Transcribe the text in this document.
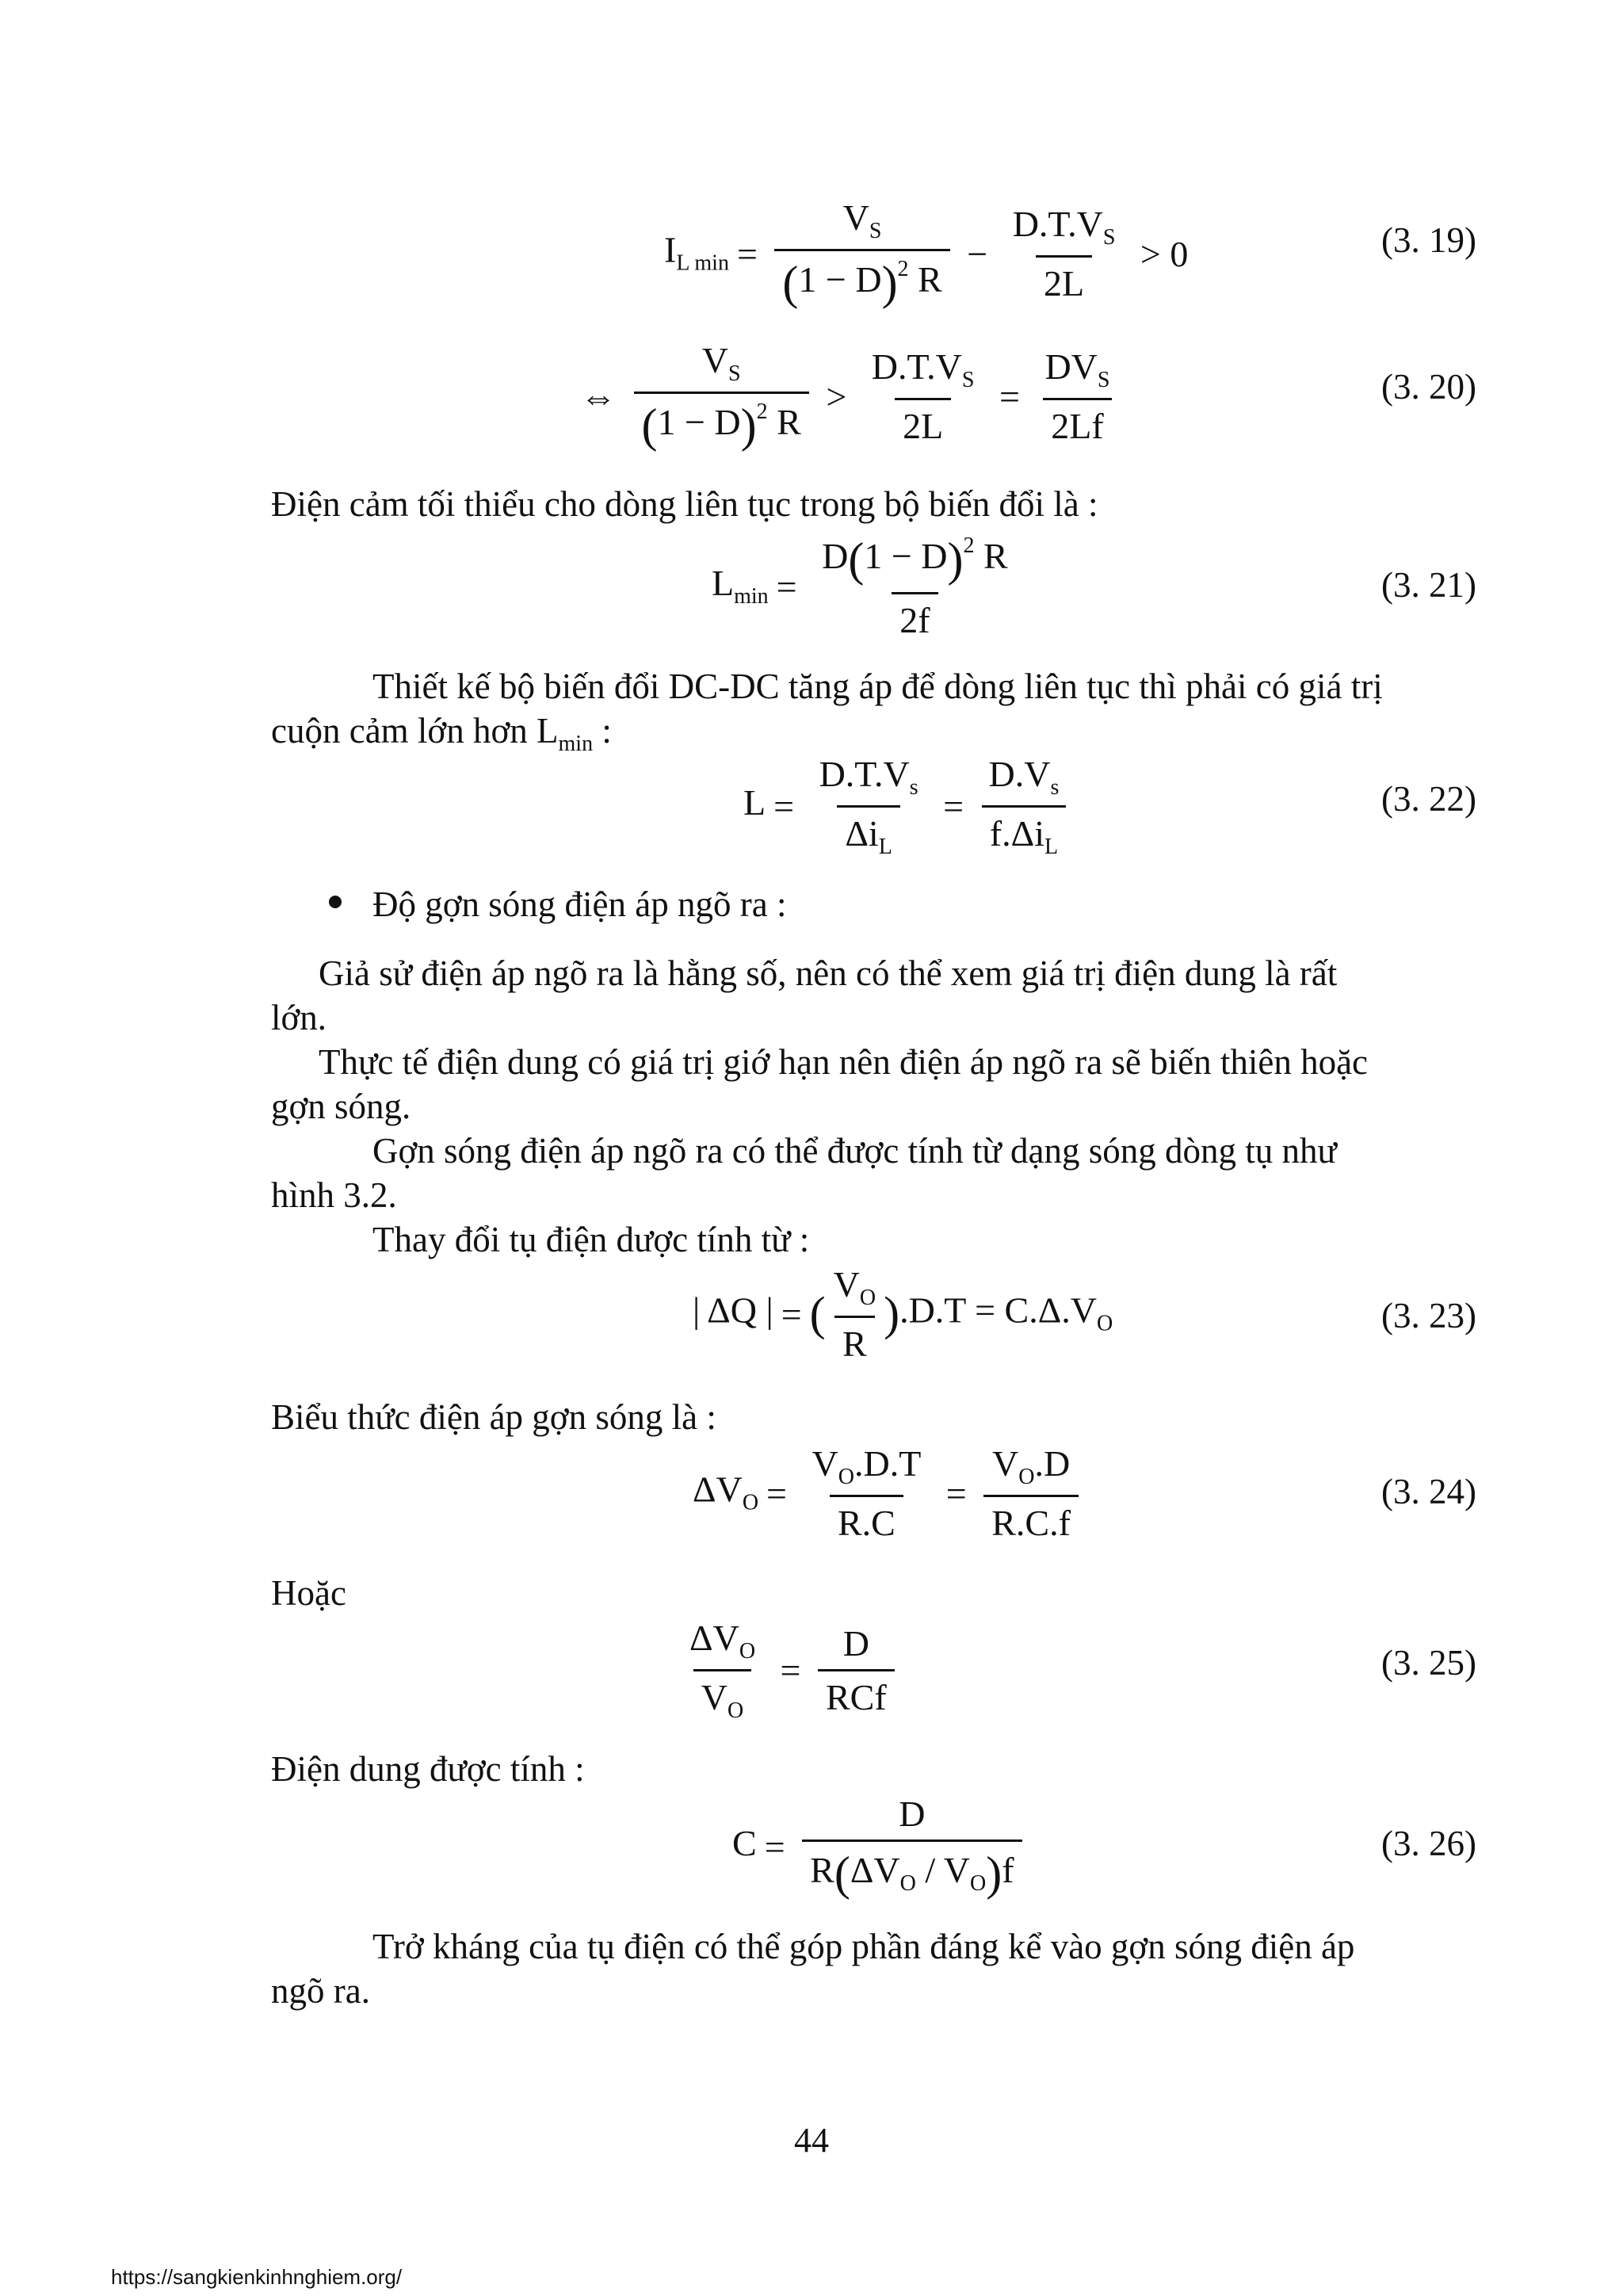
$I_{L min} = \frac{V_S}{(1 - D)^2 R} - \frac{D.T.V_S}{2L} > 0$	(3. 19)
⇔ $\frac{V_S}{(1 - D)^2 R} > \frac{D.T.V_S}{2L} = \frac{DV_S}{2Lf}$	(3. 20)
Điện cảm tối thiểu cho dòng liên tục trong bộ biến đổi là :
$L_{min} = \frac{D(1 - D)^2 R}{2f}$	(3. 21)
Thiết kế bộ biến đổi DC-DC tăng áp để dòng liên tục thì phải có giá trị
cuộn cảm lớn hơn $L_{min}$ :
$L = \frac{D.T.V_s}{\Delta i_L} = \frac{D.V_s}{f.\Delta i_L}$	(3. 22)
Độ gợn sóng điện áp ngõ ra :
Giả sử điện áp ngõ ra là hằng số, nên có thể xem giá trị điện dung là rất
lớn.
Thực tế điện dung có giá trị giớ hạn nên điện áp ngõ ra sẽ biến thiên hoặc
gợn sóng.
Gợn sóng điện áp ngõ ra có thể được tính từ dạng sóng dòng tụ như
hình 3.2.
Thay đổi tụ điện dược tính từ :
| ΔQ | = ( $\frac{V_O}{R} ).D.T = C.\Delta.V_O$	(3. 23)
Biểu thức điện áp gợn sóng là :
$\Delta V_O = \frac{V_O.D.T}{R.C} = \frac{V_O.D}{R.C.f}$	(3. 24)
Hoặc
$\frac{\Delta V_O}{V_O} = \frac{D}{\text{RCf}}$	(3. 25)
Điện dung được tính :
$C = \frac{D}{R(\Delta V_O / V_O)f}$	(3. 26)
Trở kháng của tụ điện có thể góp phần đáng kể vào gợn sóng điện áp
ngõ ra.
44
https://sangkienkinhnghiem.org/
